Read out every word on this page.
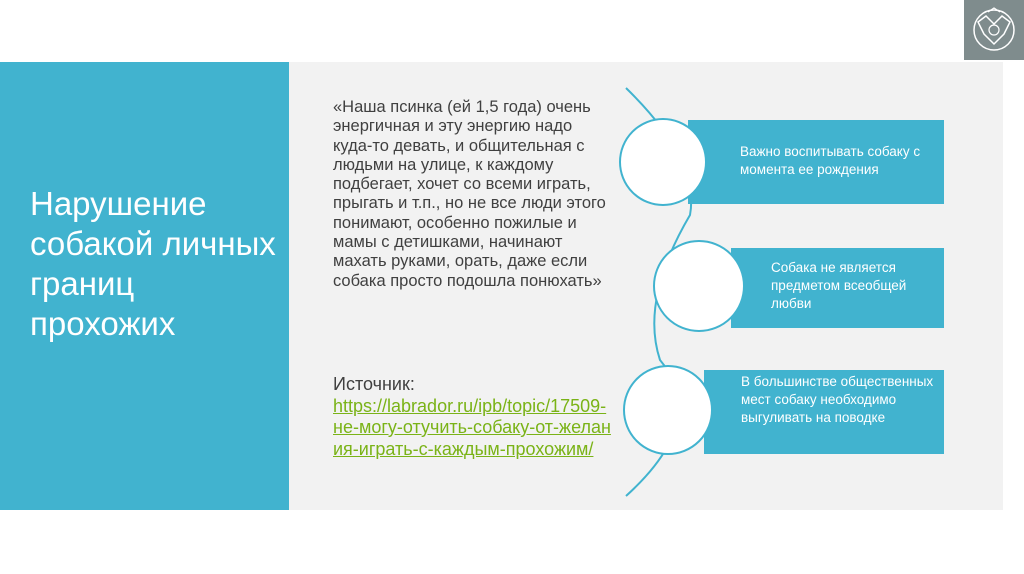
Нарушение собакой личных границ прохожих

«Наша псинка (ей 1,5 года) очень энергичная и эту энергию надо куда-то девать, и общительная с людьми на улице, к каждому подбегает, хочет со всеми играть, прыгать и т.п., но не все люди этого понимают, особенно пожилые и мамы с детишками, начинают махать руками, орать, даже если собака просто подошла понюхать»

Источник:
https://labrador.ru/ipb/topic/17509-не-могу-отучить-собаку-от-желания-играть-с-каждым-прохожим/
Важно воспитывать собаку с момента ее рождения
Собака не является предметом всеобщей любви
В большинстве общественных мест собаку необходимо выгуливать на поводке
